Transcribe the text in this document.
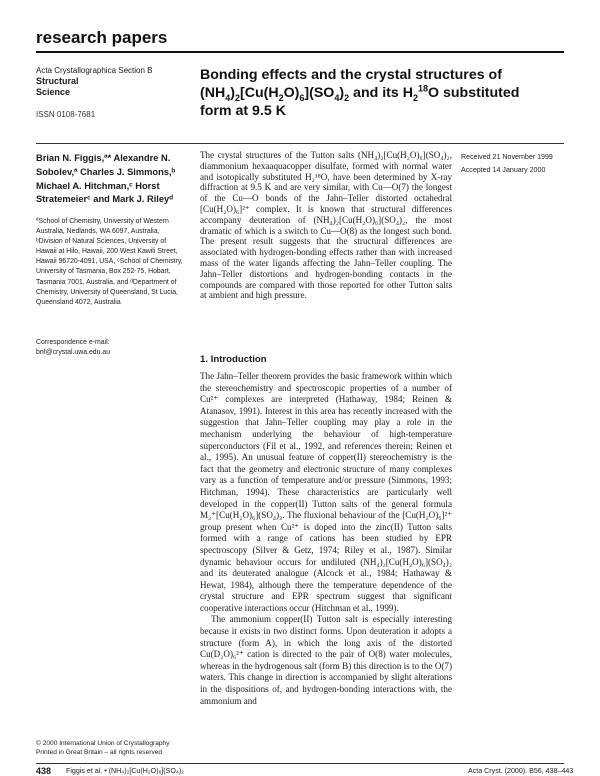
research papers
Acta Crystallographica Section B
Structural
Science
ISSN 0108-7681
Bonding effects and the crystal structures of
$(NH_4)_2[Cu(H_2O)_6](SO_4)_2$ and its $H_2^{18}O$ substituted
form at 9.5 K
Brian N. Figgis,ª* Alexandre N. Sobolev,ª Charles J. Simmons,ᵇ Michael A. Hitchman,ᶜ Horst Stratemeierᶜ and Mark J. Rileyᵈ
ªSchool of Chemistry, University of Western Australia, Nedlands, WA 6097, Australia, ᵇDivision of Natural Sciences, University of Hawaii at Hilo, Hawaii, 200 West Kawili Street, Hawaii 96720-4091, USA, ᶜSchool of Chemistry, University of Tasmania, Box 252-75, Hobart, Tasmania 7001, Australia, and ᵈDepartment of Chemistry, University of Queensland, St Lucia, Queensland 4072, Australia
Correspondence e-mail:
bnf@crystal.uwa.edu.au
Received 21 November 1999
Accepted 14 January 2000

The crystal structures of the Tutton salts (NH₄)₂[Cu(H₂O)₆](SO₄)₂, diammonium hexaaquacopper disulfate, formed with normal water and isotopically substituted H₂¹⁸O, have been determined by X-ray diffraction at 9.5 K and are very similar, with Cu—O(7) the longest of the Cu—O bonds of the Jahn–Teller distorted octahedral [Cu(H₂O)₆]²⁺ complex. It is known that structural differences accompany deuteration of (NH₄)₂[Cu(H₂O)₆](SO₄)₂, the most dramatic of which is a switch to Cu—O(8) as the longest such bond. The present result suggests that the structural differences are associated with hydrogen-bonding effects rather than with increased mass of the water ligands affecting the Jahn–Teller coupling. The Jahn–Teller distortions and hydrogen-bonding contacts in the compounds are compared with those reported for other Tutton salts at ambient and high pressure.

1. Introduction

The Jahn–Teller theorem provides the basic framework within which the stereochemistry and spectroscopic properties of a number of Cu²⁺ complexes are interpreted (Hathaway, 1984; Reinen & Atanasov, 1991). Interest in this area has recently increased with the suggestion that Jahn–Teller coupling may play a role in the mechanism underlying the behaviour of high-temperature superconductors (Fil et al., 1992, and references therein; Reinen et al., 1995). An unusual feature of copper(II) stereochemistry is the fact that the geometry and electronic structure of many complexes vary as a function of temperature and/or pressure (Simmons, 1993; Hitchman, 1994). These characteristics are particularly well developed in the copper(II) Tutton salts of the general formula M₂⁺[Cu(H₂O)₆](SO₄)₂. The fluxional behaviour of the [Cu(H₂O)₆]²⁺ group present when Cu²⁺ is doped into the zinc(II) Tutton salts formed with a range of cations has been studied by EPR spectroscopy (Silver & Getz, 1974; Riley et al., 1987). Similar dynamic behaviour occurs for undiluted (NH₄)₂[Cu(H₂O)₆](SO₄)₂ and its deuterated analogue (Alcock et al., 1984; Hathaway & Hewat, 1984), although there the temperature dependence of the crystal structure and EPR spectrum suggest that significant cooperative interactions occur (Hitchman et al., 1999).

The ammonium copper(II) Tutton salt is especially interesting because it exists in two distinct forms. Upon deuteration it adopts a structure (form A), in which the long axis of the distorted Cu(D₂O)₆²⁺ cation is directed to the pair of O(8) water molecules, whereas in the hydrogenous salt (form B) this direction is to the O(7) waters. This change in direction is accompanied by slight alterations in the dispositions of, and hydrogen-bonding interactions with, the ammonium and

© 2000 International Union of Crystallography
Printed in Great Britain – all rights reserved
438 Figgis et al. • (NH₄)₂[Cu(H₂O)₆](SO₄)₂	Acta Cryst. (2000). B56, 438–443
